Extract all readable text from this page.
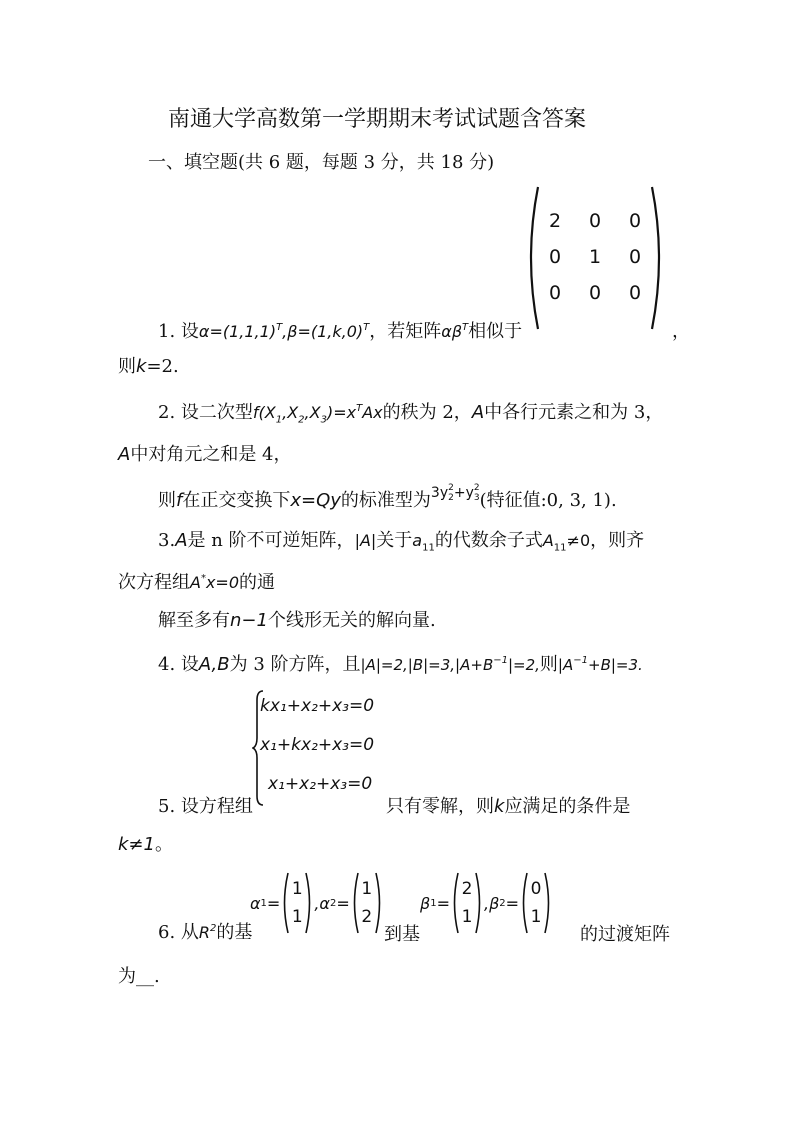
南通大学高数第一学期期末考试试题含答案
一、填空题(共 6 题，每题 3 分，共 18 分)
2 0 0
0 1 0
0 0 0
1. 设$\alpha=(1,1,1)^T,\beta=(1,k,0)^T$，若矩阵$\alpha\beta^T$相似于	，
则k=2.
2. 设二次型$f(X_1,X_2,X_3)=x^TAx$的秩为 2，A中各行元素之和为 3，
A中对角元之和是 4，
则f在正交变换下x=Qy的标准型为$^{3y 2 2 +y 2 3}$ (特征值:0, 3, 1).
3.A是 n 阶不可逆矩阵，|A|关于$a_{11}$的代数余子式$A_{11}\ne 0$，则齐
次方程组A*x=0的通
解至多有n−1个线形无关的解向量.
4. 设A,B为 3 阶方阵，且$|A|=2,|B|=3,|A+B^{-1}|=2$,则$|A^{-1}+B|=3$.
kx₁+x₂+x₃=0
x₁+kx₂+x₃=0
x₁+x₂+x₃=0
5. 设方程组	只有零解，则k应满足的条件是
k≠1。
6. 从$R^2$的基
α 1 =
1
1
,α 2 =
1
2
到基
β 1 =
2
1
,β 2 =
0
1
的过渡矩阵
为__.
